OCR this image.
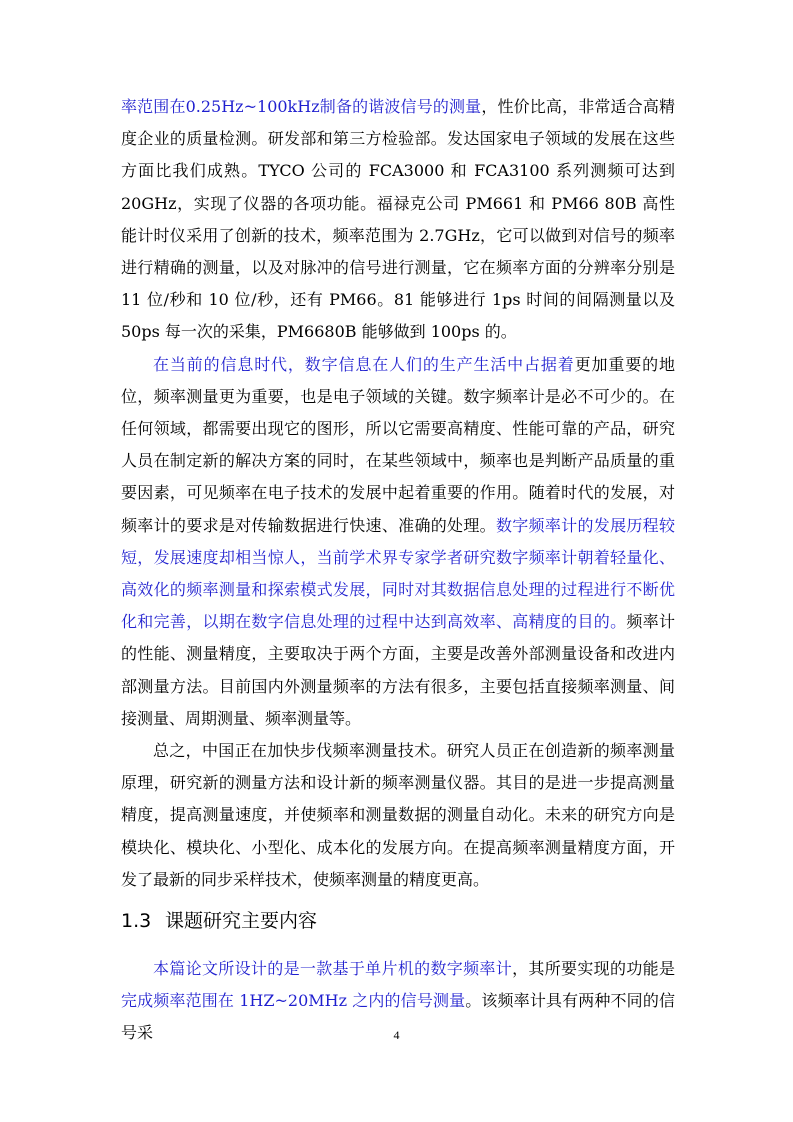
率范围在0.25Hz~100kHz制备的谐波信号的测量，性价比高，非常适合高精度企业的质量检测。研发部和第三方检验部。发达国家电子领域的发展在这些方面比我们成熟。TYCO 公司的 FCA3000 和 FCA3100 系列测频可达到 20GHz，实现了仪器的各项功能。福禄克公司 PM661 和 PM66 80B 高性能计时仪采用了创新的技术，频率范围为 2.7GHz，它可以做到对信号的频率进行精确的测量，以及对脉冲的信号进行测量，它在频率方面的分辨率分别是 11 位/秒和 10 位/秒，还有 PM66。81 能够进行 1ps 时间的间隔测量以及 50ps 每一次的采集，PM6680B 能够做到 100ps 的。

在当前的信息时代，数字信息在人们的生产生活中占据着更加重要的地位，频率测量更为重要，也是电子领域的关键。数字频率计是必不可少的。在任何领域，都需要出现它的图形，所以它需要高精度、性能可靠的产品，研究人员在制定新的解决方案的同时，在某些领域中，频率也是判断产品质量的重要因素，可见频率在电子技术的发展中起着重要的作用。随着时代的发展，对频率计的要求是对传输数据进行快速、准确的处理。数字频率计的发展历程较短，发展速度却相当惊人，当前学术界专家学者研究数字频率计朝着轻量化、高效化的频率测量和探索模式发展，同时对其数据信息处理的过程进行不断优化和完善，以期在数字信息处理的过程中达到高效率、高精度的目的。频率计的性能、测量精度，主要取决于两个方面，主要是改善外部测量设备和改进内部测量方法。目前国内外测量频率的方法有很多，主要包括直接频率测量、间接测量、周期测量、频率测量等。

总之，中国正在加快步伐频率测量技术。研究人员正在创造新的频率测量原理，研究新的测量方法和设计新的频率测量仪器。其目的是进一步提高测量精度，提高测量速度，并使频率和测量数据的测量自动化。未来的研究方向是模块化、模块化、小型化、成本化的发展方向。在提高频率测量精度方面，开发了最新的同步采样技术，使频率测量的精度更高。

1.3 课题研究主要内容

本篇论文所设计的是一款基于单片机的数字频率计，其所要实现的功能是完成频率范围在 1HZ~20MHz 之内的信号测量。该频率计具有两种不同的信号采	4
